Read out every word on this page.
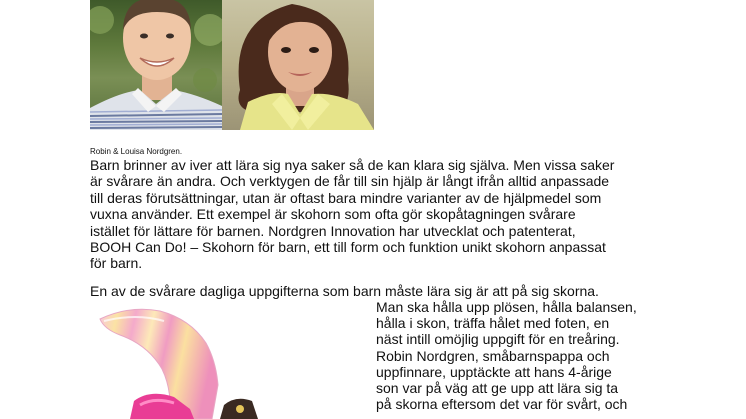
Robin & Louisa Nordgren.
Barn brinner av iver att lära sig nya saker så de kan klara sig själva. Men vissa saker
är svårare än andra. Och verktygen de får till sin hjälp är långt ifrån alltid anpassade
till deras förutsättningar, utan är oftast bara mindre varianter av de hjälpmedel som
vuxna använder. Ett exempel är skohorn som ofta gör skopåtagningen svårare
istället för lättare för barnen. Nordgren Innovation har utvecklat och patenterat,
BOOH Can Do! – Skohorn för barn, ett till form och funktion unikt skohorn anpassat
för barn.
En av de svårare dagliga uppgifterna som barn måste lära sig är att på sig skorna.
Man ska hålla upp plösen, hålla balansen,
hålla i skon, träffa hålet med foten, en
näst intill omöjlig uppgift för en treåring.
Robin Nordgren, småbarnspappa och
uppfinnare, upptäckte att hans 4-årige
son var på väg att ge upp att lära sig ta
på skorna eftersom det var för svårt, och
